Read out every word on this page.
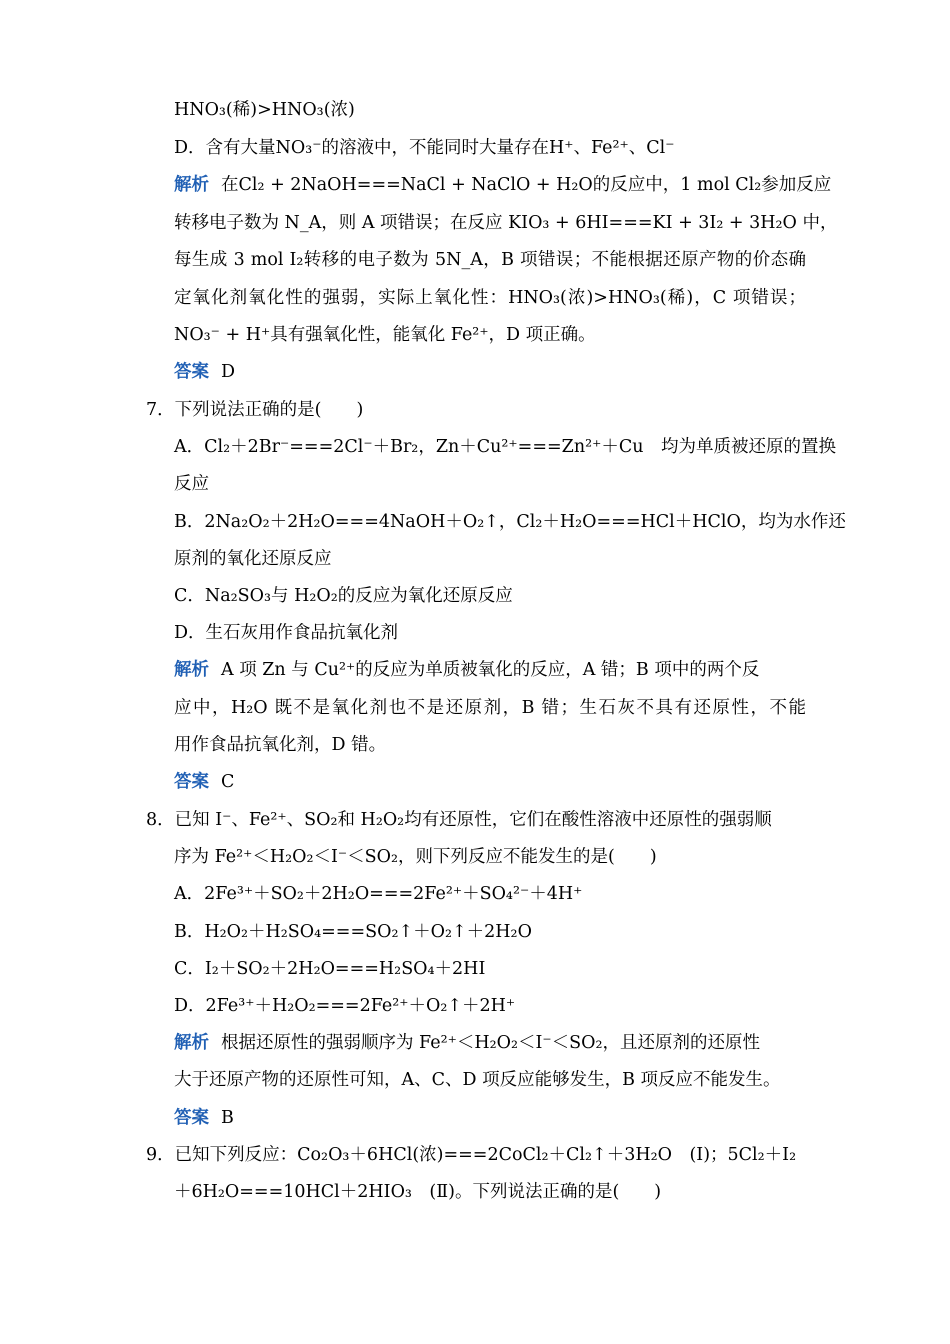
HNO₃(稀)>HNO₃(浓)
D．含有大量NO₃⁻的溶液中，不能同时大量存在H⁺、Fe²⁺、Cl⁻
解析 在Cl₂ + 2NaOH===NaCl + NaClO + H₂O的反应中，1 mol Cl₂参加反应
转移电子数为 N_A，则 A 项错误；在反应 KIO₃ + 6HI===KI + 3I₂ + 3H₂O 中，
每生成 3 mol I₂转移的电子数为 5N_A，B 项错误；不能根据还原产物的价态确
定氧化剂氧化性的强弱，实际上氧化性：HNO₃(浓)>HNO₃(稀)，C 项错误；
NO₃⁻ + H⁺具有强氧化性，能氧化 Fe²⁺，D 项正确。
答案 D
7．下列说法正确的是(　　)
A．Cl₂＋2Br⁻===2Cl⁻＋Br₂，Zn＋Cu²⁺===Zn²⁺＋Cu　均为单质被还原的置换
反应
B．2Na₂O₂＋2H₂O===4NaOH＋O₂↑，Cl₂＋H₂O===HCl＋HClO，均为水作还
原剂的氧化还原反应
C．Na₂SO₃与 H₂O₂的反应为氧化还原反应
D．生石灰用作食品抗氧化剂
解析 A 项 Zn 与 Cu²⁺的反应为单质被氧化的反应，A 错；B 项中的两个反
应中，H₂O 既不是氧化剂也不是还原剂，B 错；生石灰不具有还原性，不能
用作食品抗氧化剂，D 错。
答案 C
8．已知 I⁻、Fe²⁺、SO₂和 H₂O₂均有还原性，它们在酸性溶液中还原性的强弱顺
序为 Fe²⁺＜H₂O₂＜I⁻＜SO₂，则下列反应不能发生的是(　　)
A．2Fe³⁺＋SO₂＋2H₂O===2Fe²⁺＋SO₄²⁻＋4H⁺
B．H₂O₂＋H₂SO₄===SO₂↑＋O₂↑＋2H₂O
C．I₂＋SO₂＋2H₂O===H₂SO₄＋2HI
D．2Fe³⁺＋H₂O₂===2Fe²⁺＋O₂↑＋2H⁺
解析 根据还原性的强弱顺序为 Fe²⁺＜H₂O₂＜I⁻＜SO₂，且还原剂的还原性
大于还原产物的还原性可知，A、C、D 项反应能够发生，B 项反应不能发生。
答案 B
9．已知下列反应：Co₂O₃＋6HCl(浓)===2CoCl₂＋Cl₂↑＋3H₂O　(Ⅰ)；5Cl₂＋I₂
＋6H₂O===10HCl＋2HIO₃　(Ⅱ)。下列说法正确的是(　　)
